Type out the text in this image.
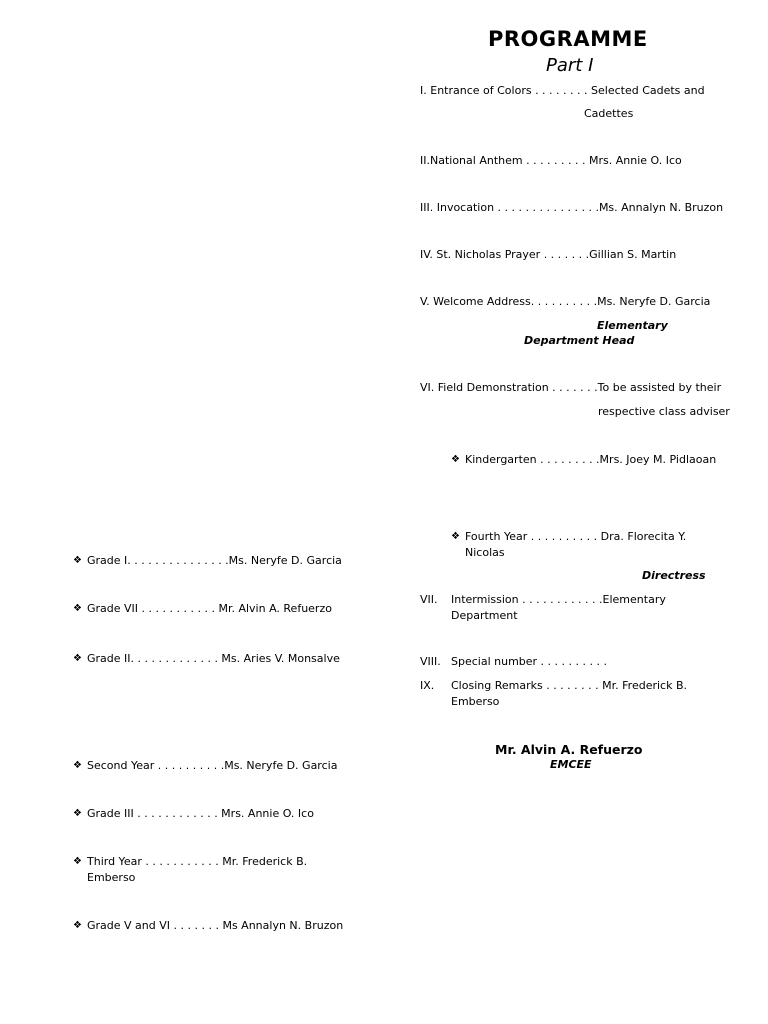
PROGRAMME
Part I
I. Entrance of Colors . . . . . . . . Selected Cadets and
Cadettes
II.National Anthem . . . . . . . . . Mrs. Annie O. Ico
III. Invocation . . . . . . . . . . . . . . .Ms. Annalyn N. Bruzon
IV. St. Nicholas Prayer . . . . . . .Gillian S. Martin
V. Welcome Address. . . . . . . . . .Ms. Neryfe D. Garcia
Elementary
Department Head
VI. Field Demonstration . . . . . . .To be assisted by their
respective class adviser
❖ Kindergarten . . . . . . . . .Mrs. Joey M. Pidlaoan
❖ Fourth Year . . . . . . . . . . Dra. Florecita Y.
Nicolas
Directress
VII. Intermission . . . . . . . . . . . .Elementary
Department
VIII. Special number . . . . . . . . . .
IX. Closing Remarks . . . . . . . . Mr. Frederick B.
Emberso
Mr. Alvin A. Refuerzo
EMCEE
❖ Grade I. . . . . . . . . . . . . . .Ms. Neryfe D. Garcia
❖ Grade VII . . . . . . . . . . . Mr. Alvin A. Refuerzo
❖ Grade II. . . . . . . . . . . . . Ms. Aries V. Monsalve
❖ Second Year . . . . . . . . . .Ms. Neryfe D. Garcia
❖ Grade III . . . . . . . . . . . . Mrs. Annie O. Ico
❖ Third Year . . . . . . . . . . . Mr. Frederick B.
Emberso
❖ Grade V and VI . . . . . . . Ms Annalyn N. Bruzon
